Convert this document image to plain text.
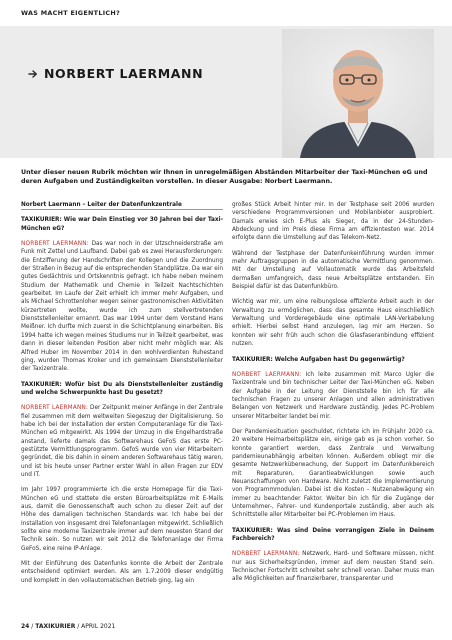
WAS MACHT EIGENTLICH?
NORBERT LAERMANN
Unter dieser neuen Rubrik möchten wir Ihnen in unregelmäßigen Abständen Mitarbeiter der Taxi-München eG und deren Aufgaben und Zuständigkeiten vorstellen. In dieser Ausgabe: Norbert Laermann.

Norbert Laermann – Leiter der Datenfunkzentrale

TAXIKURIER: Wie war Dein Einstieg vor 30 Jahren bei der Taxi-München eG?

NORBERT LAERMANN: Das war noch in der Utzschneiderstraße am Funk mit Zettel und Laufband. Dabei gab es zwei Herausforderungen: die Entzifferung der Handschriften der Kollegen und die Zuordnung der Straßen in Bezug auf die entsprechenden Standplätze. Da war ein gutes Gedächtnis und Ortskenntnis gefragt. Ich habe neben meinem Studium der Mathematik und Chemie in Teilzeit Nachtschichten gearbeitet. Im Laufe der Zeit erhielt ich immer mehr Aufgaben, und als Michael Schrottenloher wegen seiner gastronomischen Aktivitäten kürzertreten wollte, wurde ich zum stellvertretenden Dienststellenleiter ernannt. Das war 1994 unter dem Vorstand Hans Meißner. Ich durfte mich zuerst in die Schichtplanung einarbeiten. Bis 1994 hatte ich wegen meines Studiums nur in Teilzeit gearbeitet, was dann in dieser leitenden Position aber nicht mehr möglich war. Als Alfred Huber im November 2014 in den wohlverdienten Ruhestand ging, wurden Thomas Kroker und ich gemeinsam Dienststellenleiter der Taxizentrale.

TAXIKURIER: Wofür bist Du als Dienststellenleiter zuständig und welche Schwerpunkte hast Du gesetzt?

NORBERT LAERMANN: Der Zeitpunkt meiner Anfänge in der Zentrale fiel zusammen mit dem weltweiten Siegeszug der Digitalisierung. So habe ich bei der Installation der ersten Computeranlage für die Taxi-München eG mitgewirkt. Als 1994 der Umzug in die Engelhardstraße anstand, lieferte damals das Softwarehaus GeFoS das erste PC-gestützte Vermittlungsprogramm. GefoS wurde von vier Mitarbeitern gegründet, die bis dahin in einem anderen Softwarehaus tätig waren, und ist bis heute unser Partner erster Wahl in allen Fragen zur EDV und IT.

Im Jahr 1997 programmierte ich die erste Homepage für die Taxi-München eG und stattete die ersten Büroarbeitsplätze mit E-Mails aus, damit die Genossenschaft auch schon zu dieser Zeit auf der Höhe des damaligen technischen Standards war. Ich habe bei der Installation von insgesamt drei Telefonanlagen mitgewirkt. Schließlich sollte eine moderne Taxizentrale immer auf dem neuesten Stand der Technik sein. So nutzen wir seit 2012 die Telefonanlage der Firma GeFoS, eine reine IP-Anlage.

Mit der Einführung des Datenfunks konnte die Arbeit der Zentrale entscheidend optimiert werden. Als am 1.7.2009 dieser endgültig und komplett in den vollautomatischen Betrieb ging, lag ein

großes Stück Arbeit hinter mir. In der Testphase seit 2006 wurden verschiedene Programmversionen und Mobilanbieter ausprobiert. Damals erwies sich E-Plus als Sieger, da in der 24-Stunden-Abdeckung und im Preis diese Firma am effizientesten war. 2014 erfolgte dann die Umstellung auf das Telekom-Netz.

Während der Testphase der Datenfunkeinführung wurden immer mehr Auftragsgruppen in die automatische Vermittlung genommen. Mit der Umstellung auf Vollautomatik wurde das Arbeitsfeld dermaßen umfangreich, dass neue Arbeitsplätze entstanden. Ein Beispiel dafür ist das Datenfunkbüro.

Wichtig war mir, um eine reibungslose effiziente Arbeit auch in der Verwaltung zu ermöglichen, dass das gesamte Haus einschließlich Verwaltung und Vorderegebäude eine optimale LAN-Verkabelung erhielt. Hierbei selbst Hand anzulegen, lag mir am Herzen. So konnten wir sehr früh auch schon die Glasfaseranbindung effizient nutzen.

TAXIKURIER: Welche Aufgaben hast Du gegenwärtig?

NORBERT LAERMANN: Ich leite zusammen mit Marco Ugler die Taxizentrale und bin technischer Leiter der Taxi-München eG. Neben der Aufgabe in der Leitung der Dienststelle bin ich für alle technischen Fragen zu unserer Anlagen und allen administrativen Belangen von Netzwerk und Hardware zuständig. Jedes PC-Problem unserer Mitarbeiter landet bei mir.

Der Pandemiesituation geschuldet, richtete ich im Frühjahr 2020 ca. 20 weitere Heimarbeitsplätze ein, einige gab es ja schon vorher. So konnte garantiert werden, dass Zentrale und Verwaltung pandemieunabhängig arbeiten können. Außerdem obliegt mir die gesamte Netzwerküberwachung, der Support im Datenfunkbereich mit Reparaturen, Garantieabwicklungen sowie auch Neuanschaffungen von Hardware. Nicht zuletzt die Implementierung von Programmmodulen. Dabei ist die Kosten – Nutzenabwägung ein immer zu beachtender Faktor. Weiter bin ich für die Zugänge der Unternehmer-, Fahrer- und Kundenportale zuständig, aber auch als Schnittstelle aller Mitarbeiter bei PC-Problemen im Haus.

TAXIKURIER: Was sind Deine vorrangigen Ziele in Deinem Fachbereich?

NORBERT LAERMANN: Netzwerk, Hard- und Software müssen, nicht nur aus Sicherheitsgründen, immer auf dem neusten Stand sein. Technischer Fortschritt schreitet sehr schnell voran. Daher muss man alle Möglichkeiten auf finanzierbarer, transparenter und

24 / TAXIKURIER / APRIL 2021
